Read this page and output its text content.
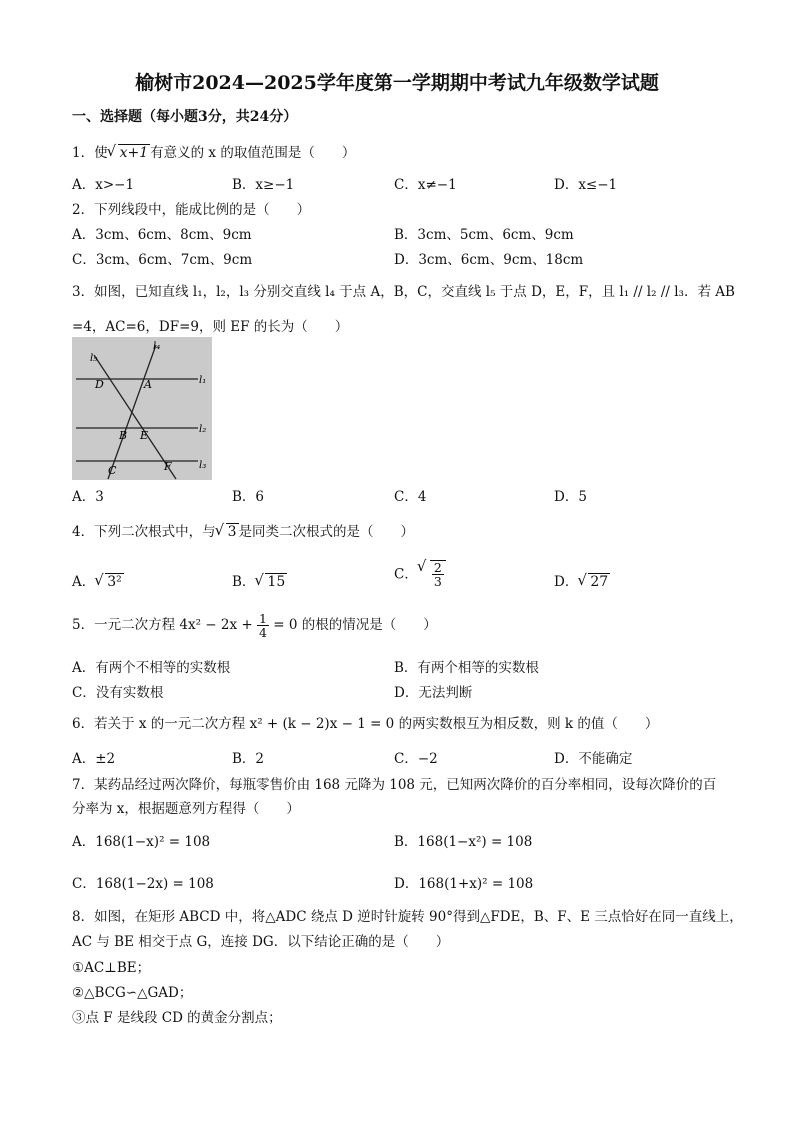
榆树市2024—2025学年度第一学期期中考试九年级数学试题
一、选择题（每小题3分，共24分）
1．使 √ x+1 有意义的 x 的取值范围是（　　）
A．x>−1	B．x≥−1	C．x≠−1	D．x≤−1
2．下列线段中，能成比例的是（　　）
A．3cm、6cm、8cm、9cm	B．3cm、5cm、6cm、9cm
C．3cm、6cm、7cm、9cm	D．3cm、6cm、9cm、18cm
3．如图，已知直线 l₁，l₂，l₃ 分别交直线 l₄ 于点 A，B，C，交直线 l₅ 于点 D，E，F，且 l₁ // l₂ // l₃．若 AB
=4，AC=6，DF=9，则 EF 的长为（　　）
l₅
l₄
l₁
l₂
l₃
D	A
B E
C	F
A．3	B．6	C．4	D．5
4．下列二次根式中，与 √ 3 是同类二次根式的是（　　）
A． √ 3²	B． √ 15	C． √ $\frac{2}{3}$	D． √ 27
5．一元二次方程 $4x^2 - 2x + \frac{1}{4} = 0$ 的根的情况是（　　）
A．有两个不相等的实数根	B．有两个相等的实数根
C．没有实数根	D．无法判断
6．若关于 x 的一元二次方程 x² + (k − 2)x − 1 = 0 的两实数根互为相反数，则 k 的值（　　）
A．±2	B．2	C．−2	D．不能确定
7．某药品经过两次降价，每瓶零售价由 168 元降为 108 元，已知两次降价的百分率相同，设每次降价的百
分率为 x，根据题意列方程得（　　）
A．168(1−x)² = 108	B．168(1−x²) = 108
C．168(1−2x) = 108	D．168(1+x)² = 108
8．如图，在矩形 ABCD 中，将△ADC 绕点 D 逆时针旋转 90°得到△FDE，B、F、E 三点恰好在同一直线上，
AC 与 BE 相交于点 G，连接 DG．以下结论正确的是（　　）
①AC⊥BE；
②△BCG∽△GAD；
③点 F 是线段 CD 的黄金分割点；
